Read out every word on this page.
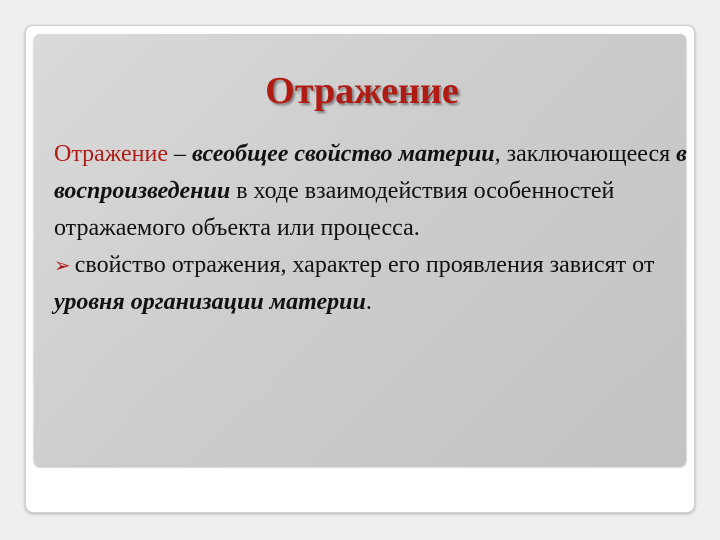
Отражение

Отражение – всеобщее свойство материи, заключающееся в воспроизведении в ходе взаимодействия особенностей отражаемого объекта или процесса.

➢ свойство отражения, характер его проявления зависят от уровня организации материи.
